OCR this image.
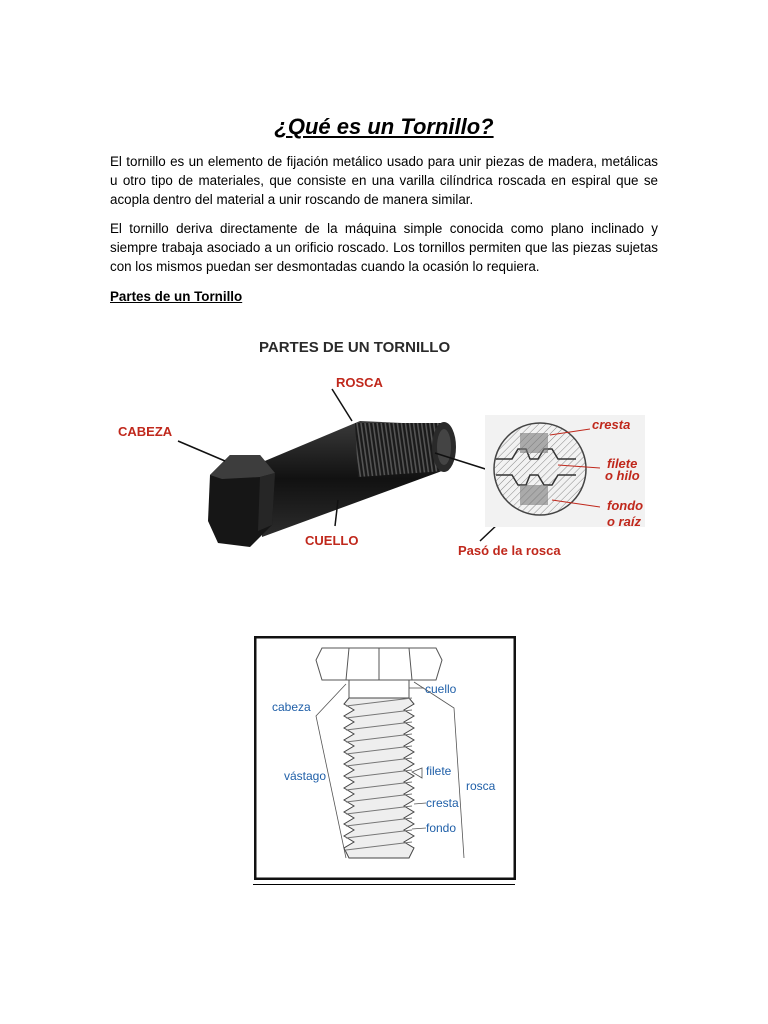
¿Qué es un Tornillo?
El tornillo es un elemento de fijación metálico usado para unir piezas de madera, metálicas u otro tipo de materiales, que consiste en una varilla cilíndrica roscada en espiral que se acopla dentro del material a unir roscando de manera similar.
El tornillo deriva directamente de la máquina simple conocida como plano inclinado y siempre trabaja asociado a un orificio roscado. Los tornillos permiten que las piezas sujetas con los mismos puedan ser desmontadas cuando la ocasión lo requiera.
Partes de un Tornillo
PARTES DE UN TORNILLO
ROSCA
CABEZA
CUELLO
cresta
filete
o hilo
fondo
o raíz
Pasó de la rosca
cuello
cabeza
vástago	filete
rosca
cresta
fondo
